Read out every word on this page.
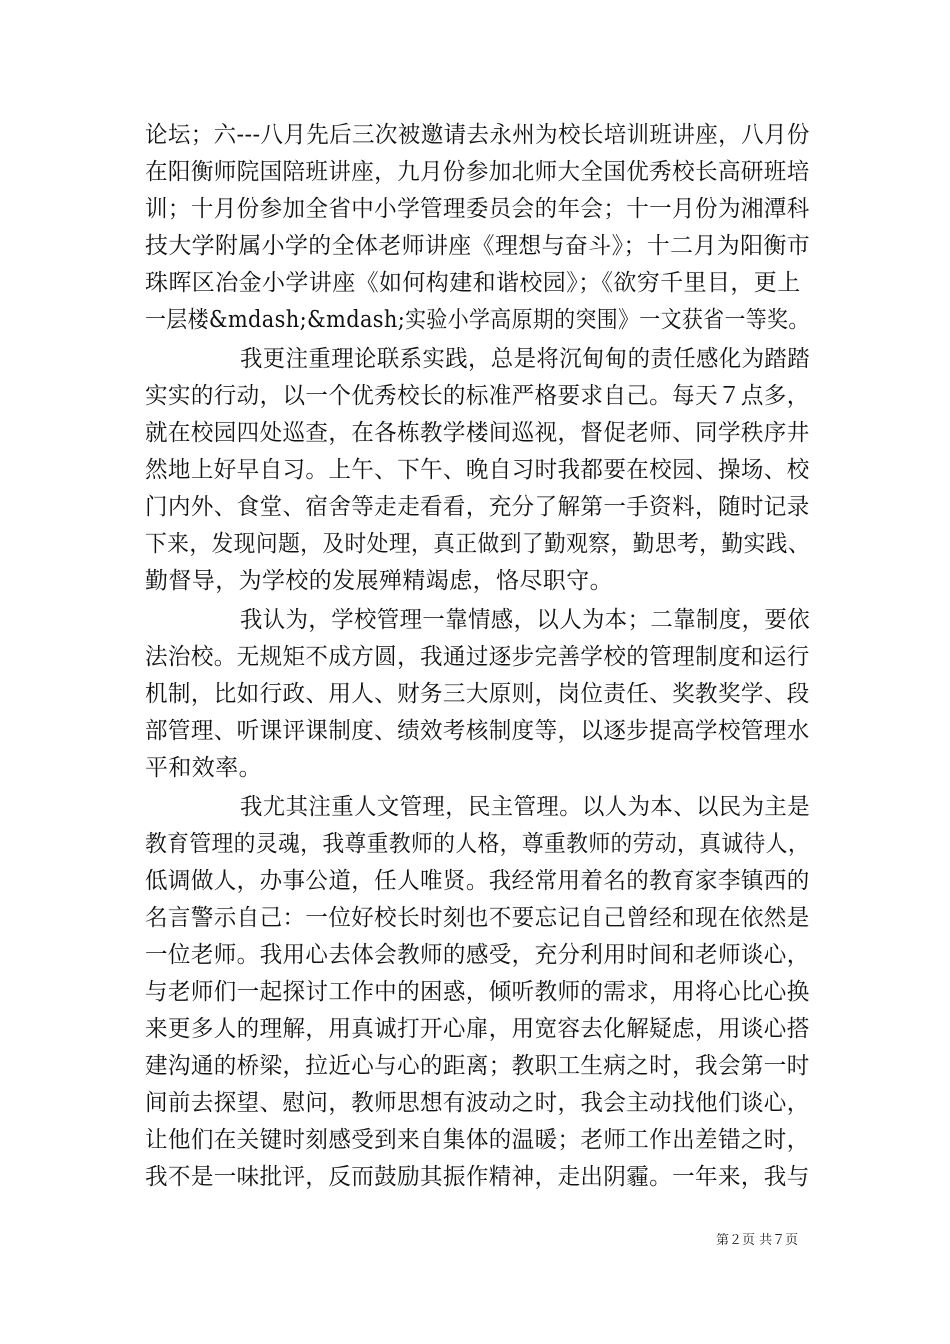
论坛；六---八月先后三次被邀请去永州为校长培训班讲座，八月份
在阳衡师院国陪班讲座，九月份参加北师大全国优秀校长高研班培
训；十月份参加全省中小学管理委员会的年会；十一月份为湘潭科
技大学附属小学的全体老师讲座《理想与奋斗》；十二月为阳衡市
珠晖区冶金小学讲座《如何构建和谐校园》；《欲穷千里目，更上
一层楼&mdash;&mdash;实验小学高原期的突围》一文获省一等奖。
我更注重理论联系实践，总是将沉甸甸的责任感化为踏踏
实实的行动，以一个优秀校长的标准严格要求自己。每天７点多，
就在校园四处巡查，在各栋教学楼间巡视，督促老师、同学秩序井
然地上好早自习。上午、下午、晚自习时我都要在校园、操场、校
门内外、食堂、宿舍等走走看看，充分了解第一手资料，随时记录
下来，发现问题，及时处理，真正做到了勤观察，勤思考，勤实践、
勤督导，为学校的发展殚精竭虑，恪尽职守。
我认为，学校管理一靠情感，以人为本；二靠制度，要依
法治校。无规矩不成方圆，我通过逐步完善学校的管理制度和运行
机制，比如行政、用人、财务三大原则，岗位责任、奖教奖学、段
部管理、听课评课制度、绩效考核制度等，以逐步提高学校管理水
平和效率。
我尤其注重人文管理，民主管理。以人为本、以民为主是
教育管理的灵魂，我尊重教师的人格，尊重教师的劳动，真诚待人，
低调做人，办事公道，任人唯贤。我经常用着名的教育家李镇西的
名言警示自己：一位好校长时刻也不要忘记自己曾经和现在依然是
一位老师。我用心去体会教师的感受，充分利用时间和老师谈心，
与老师们一起探讨工作中的困惑，倾听教师的需求，用将心比心换
来更多人的理解，用真诚打开心扉，用宽容去化解疑虑，用谈心搭
建沟通的桥梁，拉近心与心的距离；教职工生病之时，我会第一时
间前去探望、慰问，教师思想有波动之时，我会主动找他们谈心，
让他们在关键时刻感受到来自集体的温暖；老师工作出差错之时，
我不是一味批评，反而鼓励其振作精神，走出阴霾。一年来，我与
第２页 共７页
